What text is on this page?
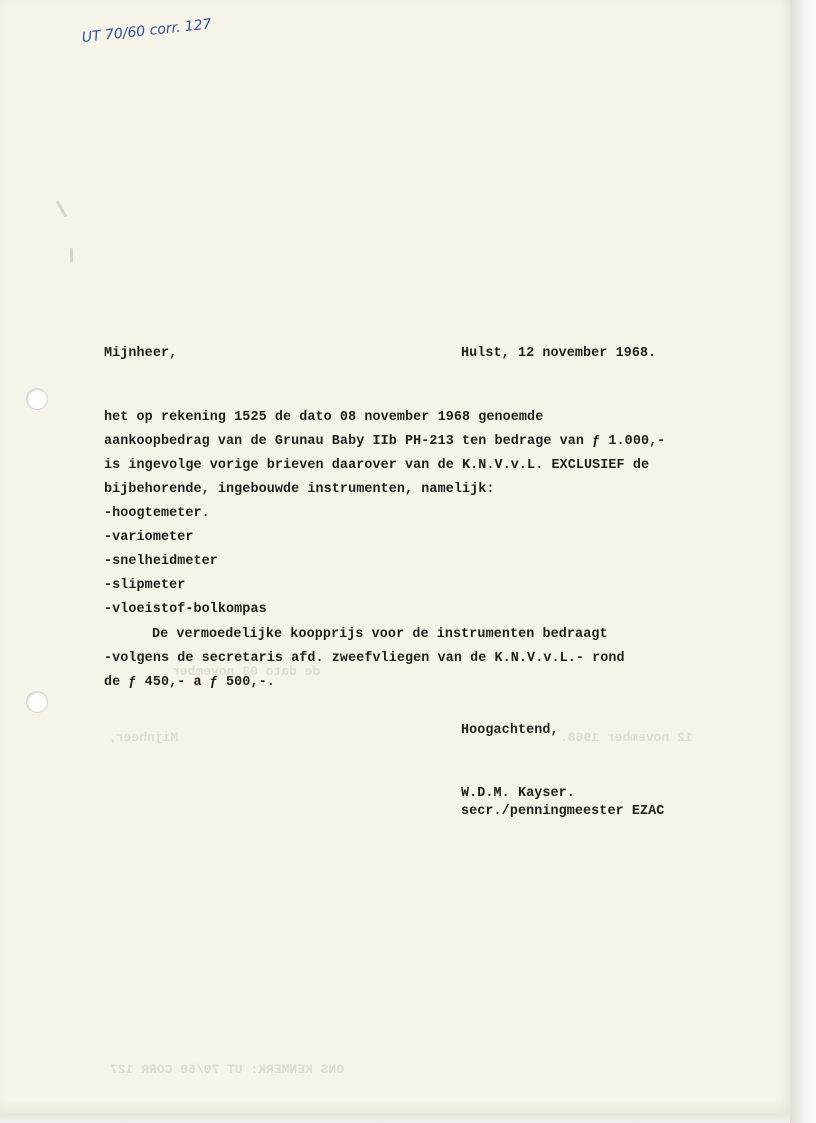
UT 70/60 corr. 127
Mijnheer,	12 november 1968.
ONS KENMERK: UT 70/60 CORR 127
de dato 08 november
Mijnheer,	Hulst, 12 november 1968.
het op rekening 1525 de dato 08 november 1968 genoemde
aankoopbedrag van de Grunau Baby IIb PH-213 ten bedrage van ƒ 1.000,-
is ingevolge vorige brieven daarover van de K.N.V.v.L. EXCLUSIEF de
bijbehorende, ingebouwde instrumenten, namelijk:
-hoogtemeter.
-variometer
-snelheidmeter
-slipmeter
-vloeistof-bolkompas
De vermoedelijke koopprijs voor de instrumenten bedraagt
-volgens de secretaris afd. zweefvliegen van de K.N.V.v.L.- rond
de ƒ 450,- a ƒ 500,-.
Hoogachtend,
W.D.M. Kayser.
secr./penningmeester EZAC
